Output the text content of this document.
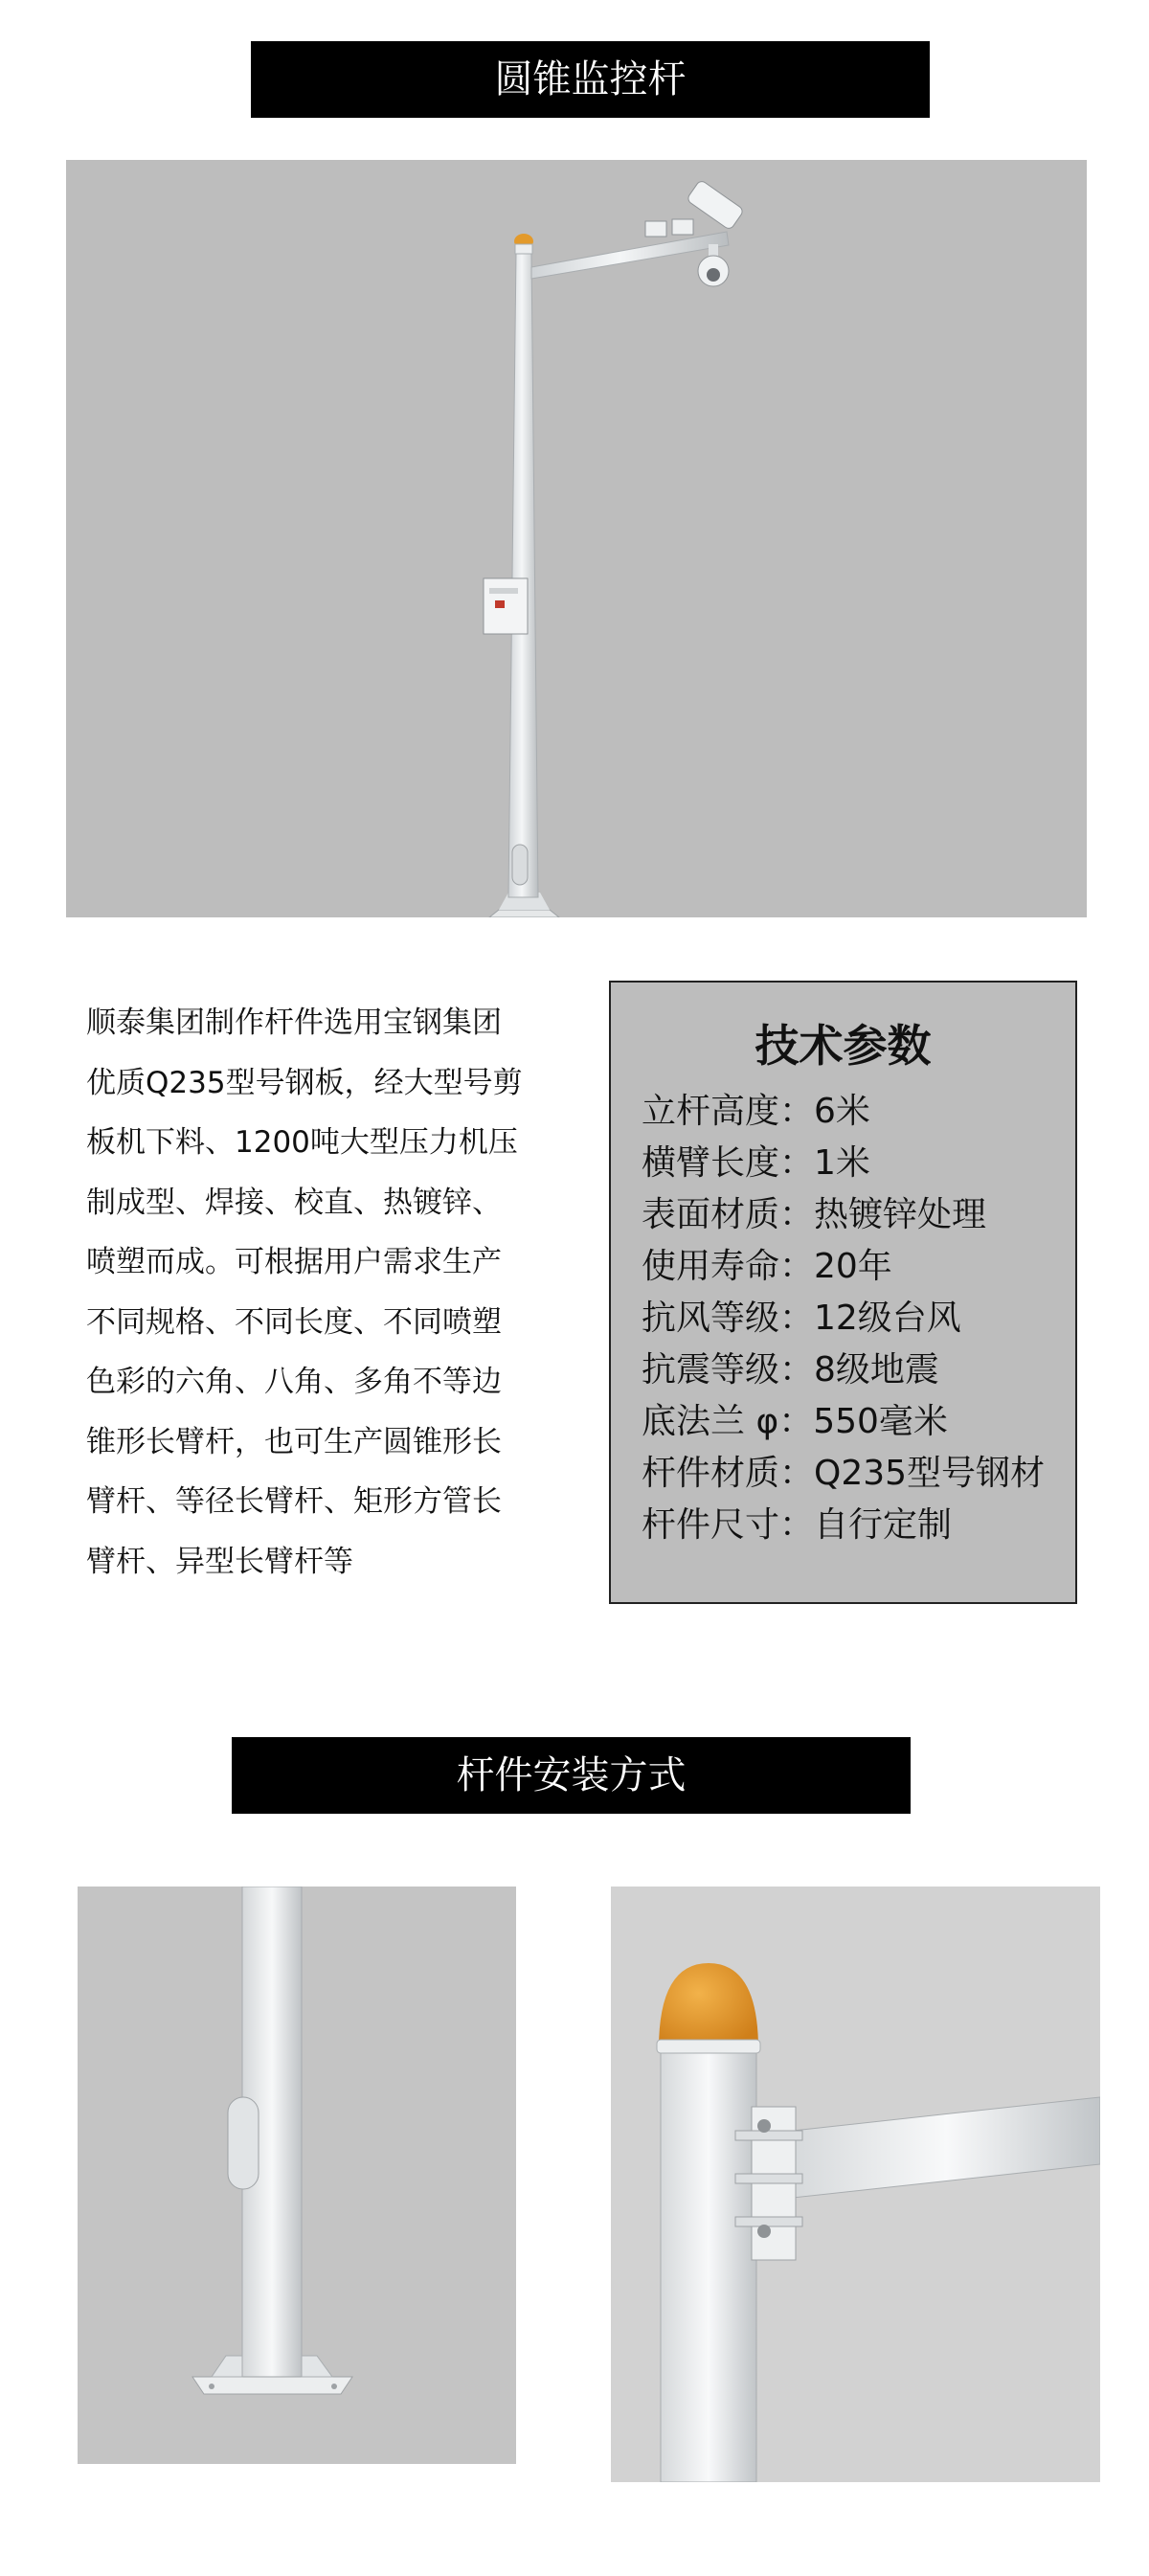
圆锥监控杆

顺泰集团制作杆件选用宝钢集团

优质Q235型号钢板，经大型号剪

板机下料、1200吨大型压力机压

制成型、焊接、校直、热镀锌、

喷塑而成。可根据用户需求生产

不同规格、不同长度、不同喷塑

色彩的六角、八角、多角不等边

锥形长臂杆，也可生产圆锥形长

臂杆、等径长臂杆、矩形方管长

臂杆、异型长臂杆等

技术参数
立杆高度：6米
横臂长度：1米
表面材质：热镀锌处理
使用寿命：20年
抗风等级：12级台风
抗震等级：8级地震
底法兰 φ：550毫米
杆件材质：Q235型号钢材
杆件尺寸：自行定制
杆件安装方式
